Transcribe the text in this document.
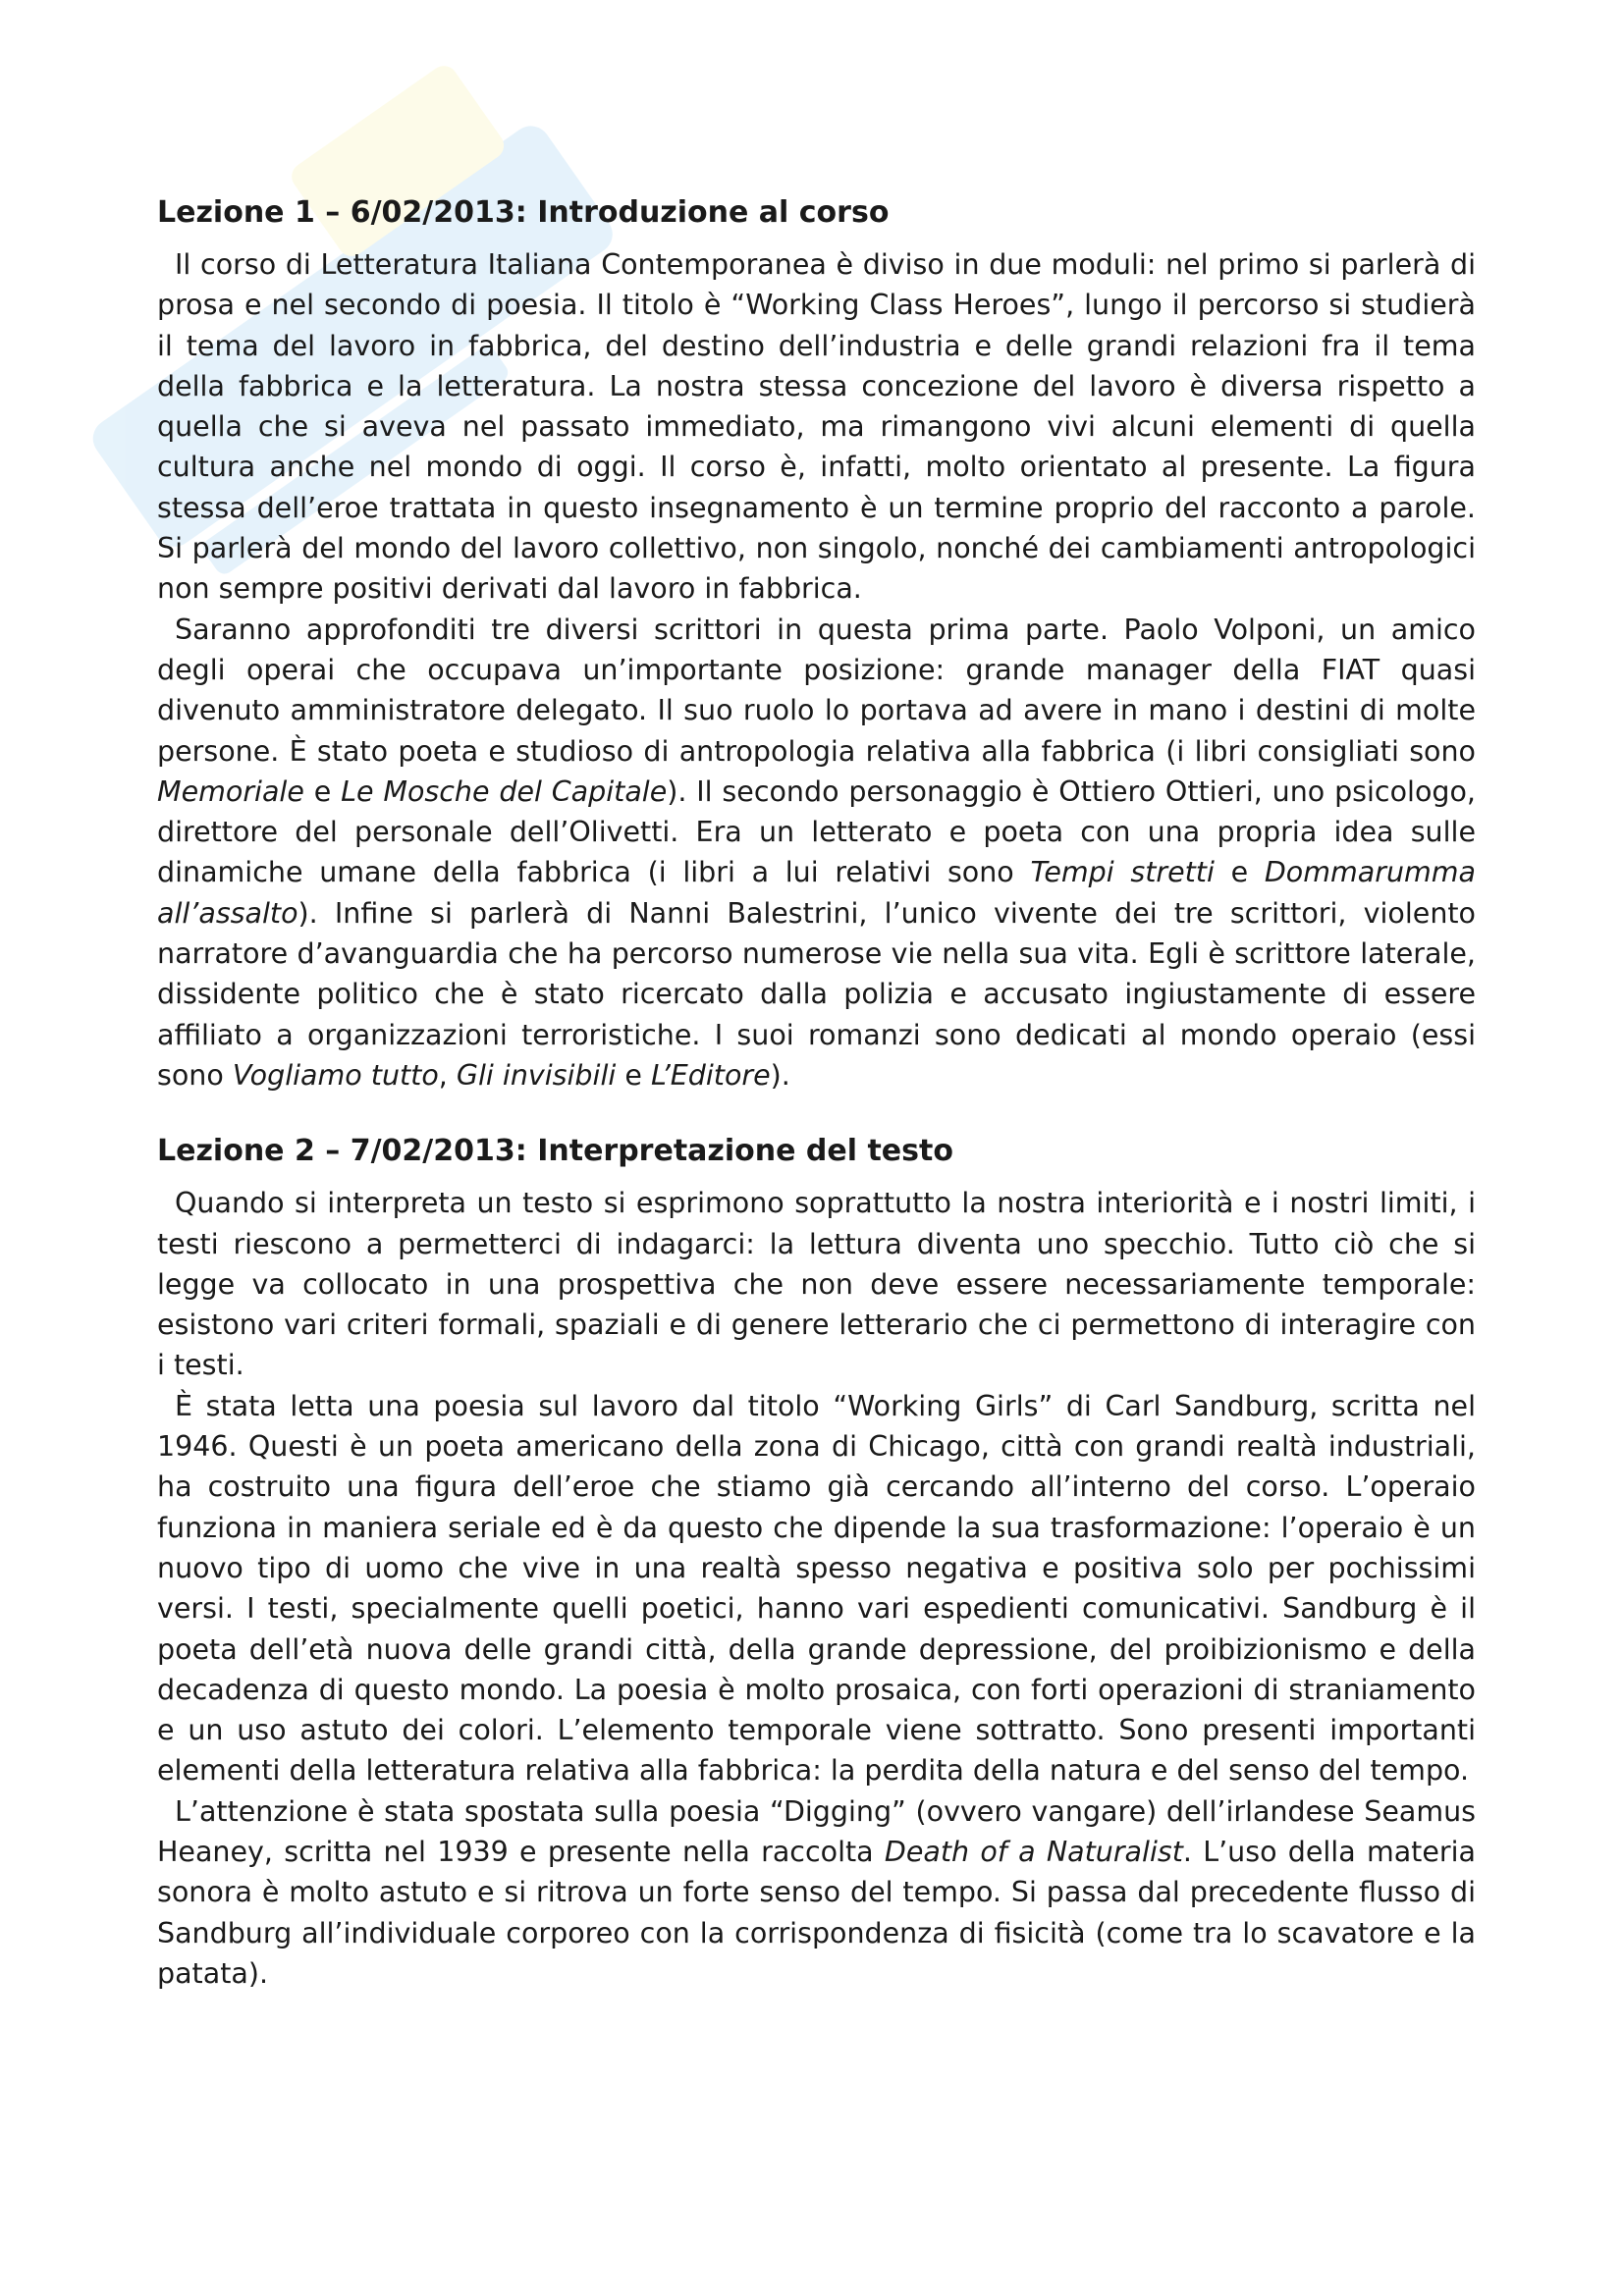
Lezione 1 – 6/02/2013: Introduzione al corso

Il corso di Letteratura Italiana Contemporanea è diviso in due moduli: nel primo si parlerà di prosa e nel secondo di poesia. Il titolo è “Working Class Heroes”, lungo il percorso si studierà il tema del lavoro in fabbrica, del destino dell’industria e delle grandi relazioni fra il tema della fabbrica e la letteratura. La nostra stessa concezione del lavoro è diversa rispetto a quella che si aveva nel passato immediato, ma rimangono vivi alcuni elementi di quella cultura anche nel mondo di oggi. Il corso è, infatti, molto orientato al presente. La figura stessa dell’eroe trattata in questo insegnamento è un termine proprio del racconto a parole. Si parlerà del mondo del lavoro collettivo, non singolo, nonché dei cambiamenti antropologici non sempre positivi derivati dal lavoro in fabbrica.

Saranno approfonditi tre diversi scrittori in questa prima parte. Paolo Volponi, un amico degli operai che occupava un’importante posizione: grande manager della FIAT quasi divenuto amministratore delegato. Il suo ruolo lo portava ad avere in mano i destini di molte persone. È stato poeta e studioso di antropologia relativa alla fabbrica (i libri consigliati sono Memoriale e Le Mosche del Capitale). Il secondo personaggio è Ottiero Ottieri, uno psicologo, direttore del personale dell’Olivetti. Era un letterato e poeta con una propria idea sulle dinamiche umane della fabbrica (i libri a lui relativi sono Tempi stretti e Dommarumma all’assalto). Infine si parlerà di Nanni Balestrini, l’unico vivente dei tre scrittori, violento narratore d’avanguardia che ha percorso numerose vie nella sua vita. Egli è scrittore laterale, dissidente politico che è stato ricercato dalla polizia e accusato ingiustamente di essere affiliato a organizzazioni terroristiche. I suoi romanzi sono dedicati al mondo operaio (essi sono Vogliamo tutto, Gli invisibili e L’Editore).

Lezione 2 – 7/02/2013: Interpretazione del testo

Quando si interpreta un testo si esprimono soprattutto la nostra interiorità e i nostri limiti, i testi riescono a permetterci di indagarci: la lettura diventa uno specchio. Tutto ciò che si legge va collocato in una prospettiva che non deve essere necessariamente temporale: esistono vari criteri formali, spaziali e di genere letterario che ci permettono di interagire con i testi.

È stata letta una poesia sul lavoro dal titolo “Working Girls” di Carl Sandburg, scritta nel 1946. Questi è un poeta americano della zona di Chicago, città con grandi realtà industriali, ha costruito una figura dell’eroe che stiamo già cercando all’interno del corso. L’operaio funziona in maniera seriale ed è da questo che dipende la sua trasformazione: l’operaio è un nuovo tipo di uomo che vive in una realtà spesso negativa e positiva solo per pochissimi versi. I testi, specialmente quelli poetici, hanno vari espedienti comunicativi. Sandburg è il poeta dell’età nuova delle grandi città, della grande depressione, del proibizionismo e della decadenza di questo mondo. La poesia è molto prosaica, con forti operazioni di straniamento e un uso astuto dei colori. L’elemento temporale viene sottratto. Sono presenti importanti elementi della letteratura relativa alla fabbrica: la perdita della natura e del senso del tempo.

L’attenzione è stata spostata sulla poesia “Digging” (ovvero vangare) dell’irlandese Seamus Heaney, scritta nel 1939 e presente nella raccolta Death of a Naturalist. L’uso della materia sonora è molto astuto e si ritrova un forte senso del tempo. Si passa dal precedente flusso di Sandburg all’individuale corporeo con la corrispondenza di fisicità (come tra lo scavatore e la patata).
